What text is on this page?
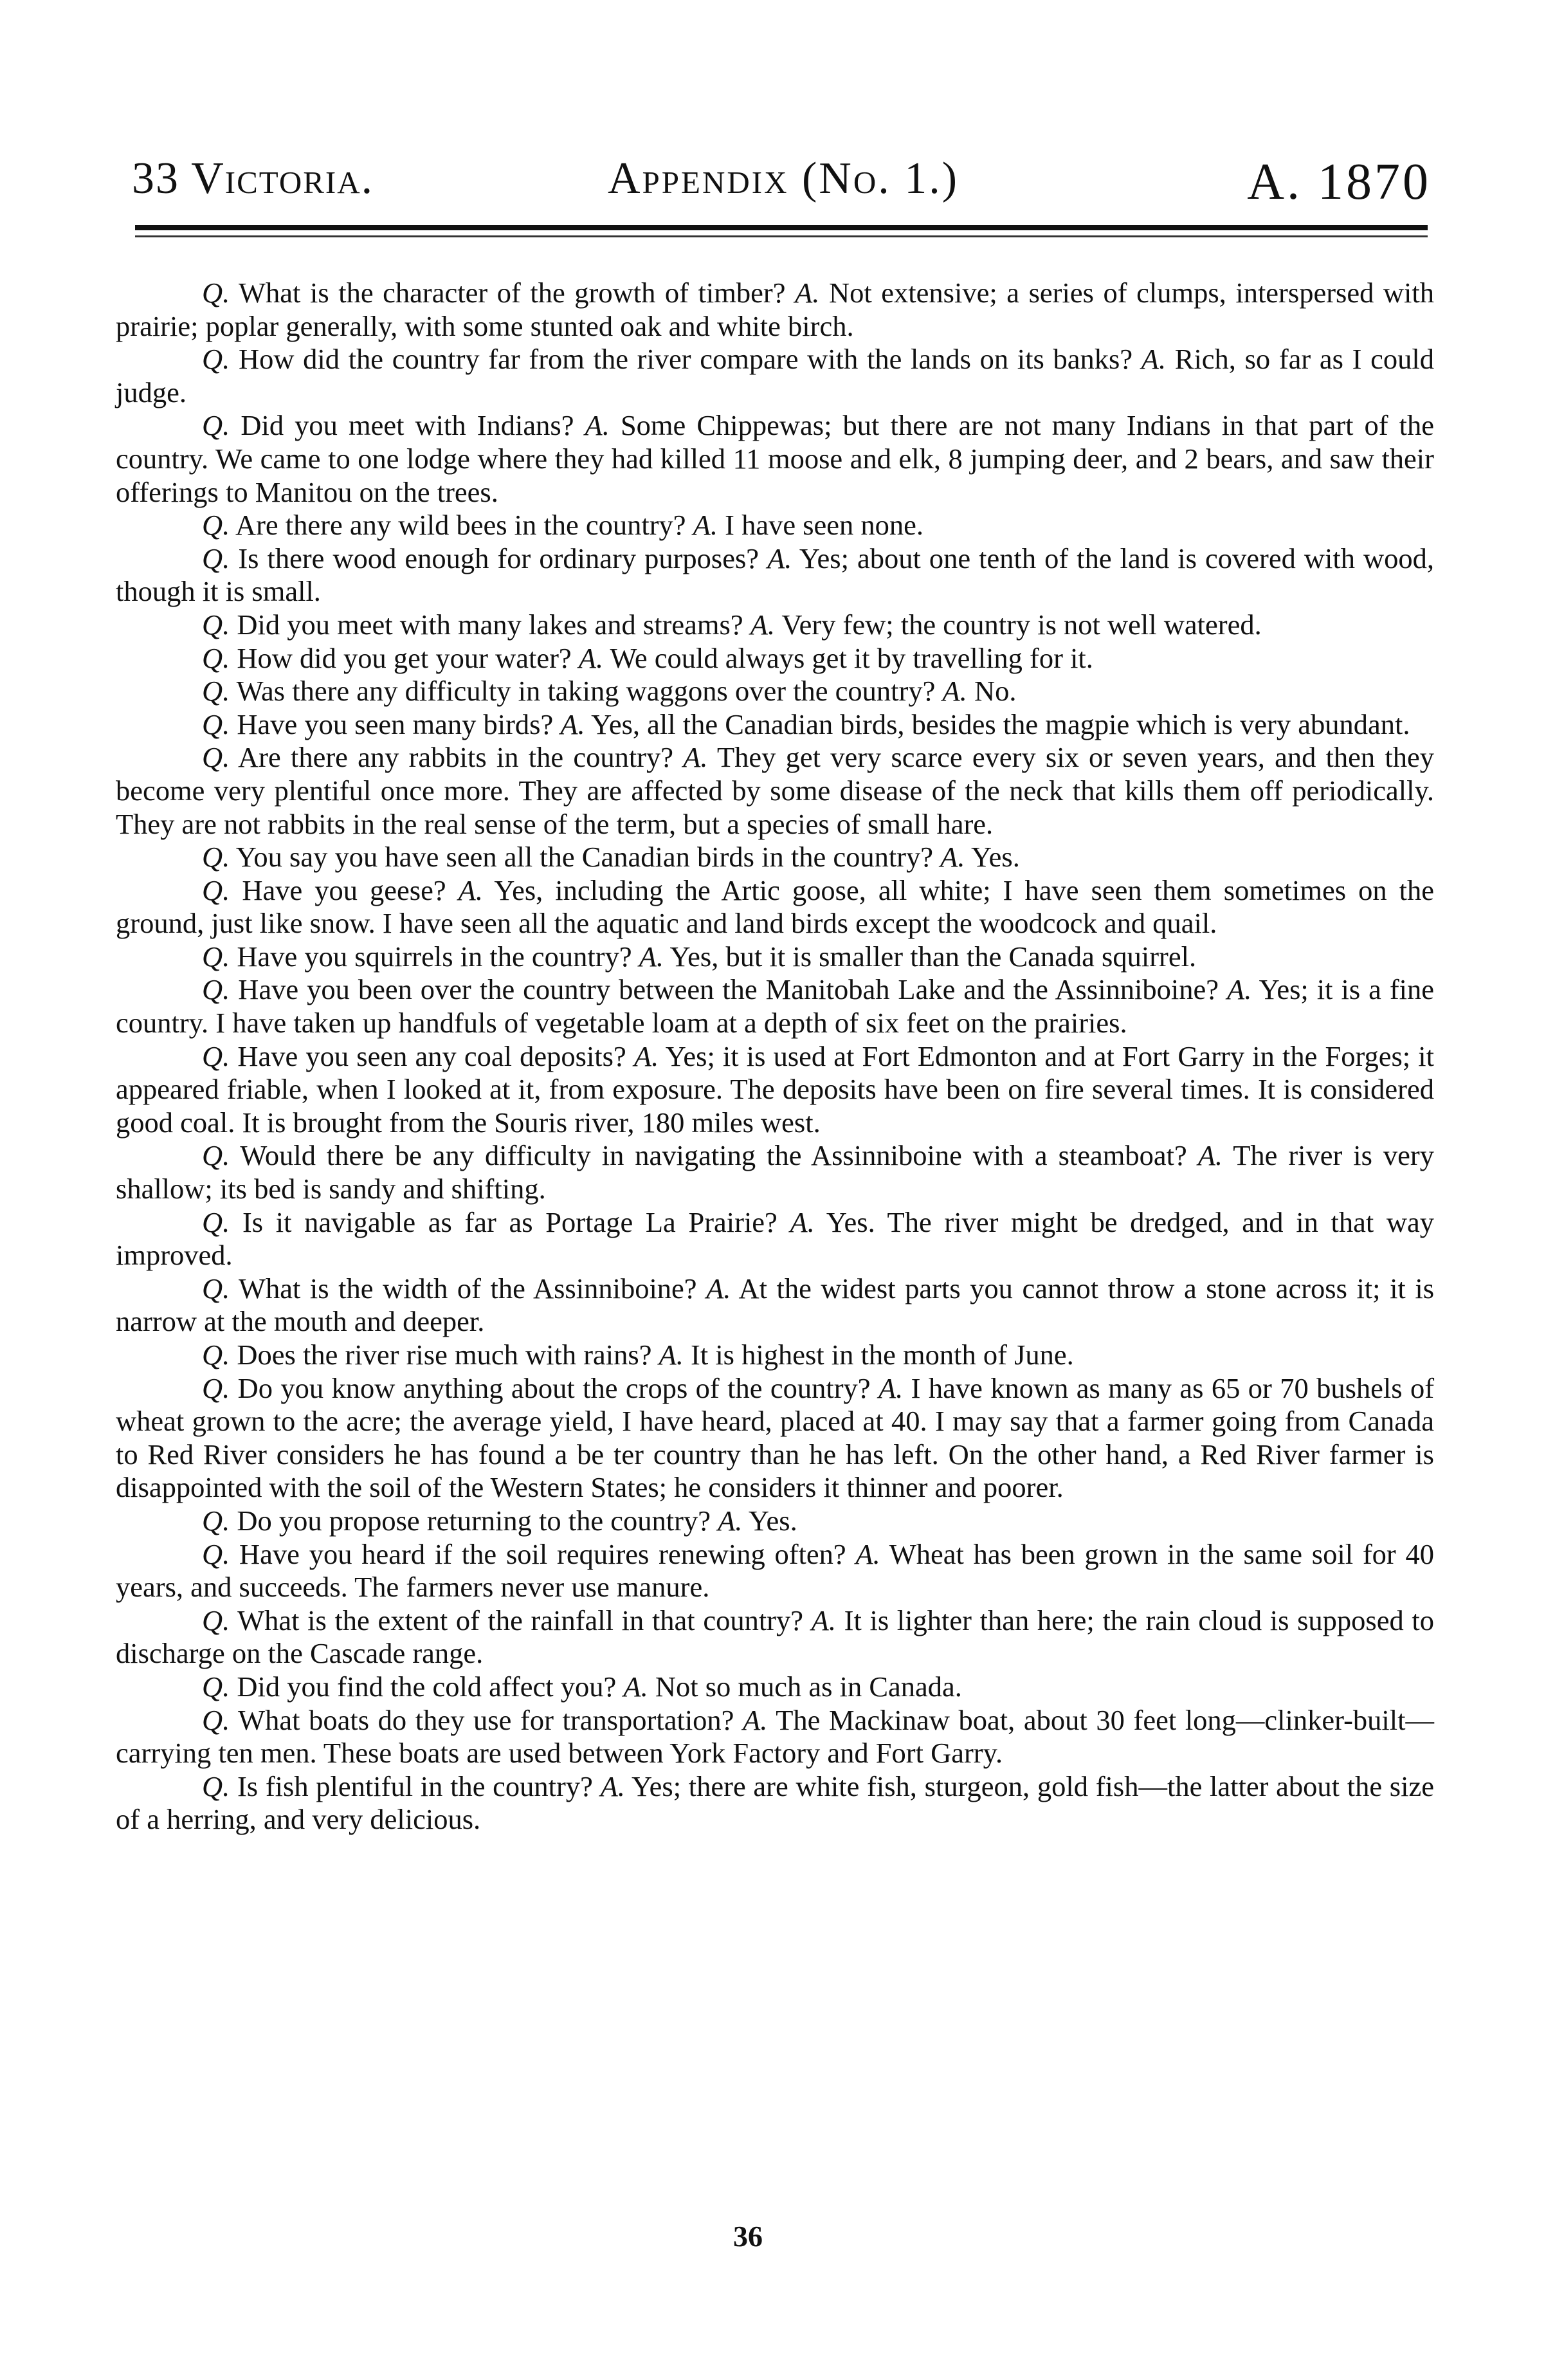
33 Victoria.	Appendix (No. 1.)	A. 1870

Q. What is the character of the growth of timber? A. Not extensive; a series of clumps, interspersed with prairie; poplar generally, with some stunted oak and white birch.

Q. How did the country far from the river compare with the lands on its banks? A. Rich, so far as I could judge.

Q. Did you meet with Indians? A. Some Chippewas; but there are not many Indians in that part of the country. We came to one lodge where they had killed 11 moose and elk, 8 jumping deer, and 2 bears, and saw their offerings to Manitou on the trees.

Q. Are there any wild bees in the country? A. I have seen none.

Q. Is there wood enough for ordinary purposes? A. Yes; about one tenth of the land is covered with wood, though it is small.

Q. Did you meet with many lakes and streams? A. Very few; the country is not well watered.

Q. How did you get your water? A. We could always get it by travelling for it.

Q. Was there any difficulty in taking waggons over the country? A. No.

Q. Have you seen many birds? A. Yes, all the Canadian birds, besides the magpie which is very abundant.

Q. Are there any rabbits in the country? A. They get very scarce every six or seven years, and then they become very plentiful once more. They are affected by some disease of the neck that kills them off periodically. They are not rabbits in the real sense of the term, but a species of small hare.

Q. You say you have seen all the Canadian birds in the country? A. Yes.

Q. Have you geese? A. Yes, including the Artic goose, all white; I have seen them sometimes on the ground, just like snow. I have seen all the aquatic and land birds except the woodcock and quail.

Q. Have you squirrels in the country? A. Yes, but it is smaller than the Canada squirrel.

Q. Have you been over the country between the Manitobah Lake and the Assinniboine? A. Yes; it is a fine country. I have taken up handfuls of vegetable loam at a depth of six feet on the prairies.

Q. Have you seen any coal deposits? A. Yes; it is used at Fort Edmonton and at Fort Garry in the Forges; it appeared friable, when I looked at it, from exposure. The deposits have been on fire several times. It is considered good coal. It is brought from the Souris river, 180 miles west.

Q. Would there be any difficulty in navigating the Assinniboine with a steamboat? A. The river is very shallow; its bed is sandy and shifting.

Q. Is it navigable as far as Portage La Prairie? A. Yes. The river might be dredged, and in that way improved.

Q. What is the width of the Assinniboine? A. At the widest parts you cannot throw a stone across it; it is narrow at the mouth and deeper.

Q. Does the river rise much with rains? A. It is highest in the month of June.

Q. Do you know anything about the crops of the country? A. I have known as many as 65 or 70 bushels of wheat grown to the acre; the average yield, I have heard, placed at 40. I may say that a farmer going from Canada to Red River considers he has found a be ter country than he has left. On the other hand, a Red River farmer is disappointed with the soil of the Western States; he considers it thinner and poorer.

Q. Do you propose returning to the country? A. Yes.

Q. Have you heard if the soil requires renewing often? A. Wheat has been grown in the same soil for 40 years, and succeeds. The farmers never use manure.

Q. What is the extent of the rainfall in that country? A. It is lighter than here; the rain cloud is supposed to discharge on the Cascade range.

Q. Did you find the cold affect you? A. Not so much as in Canada.

Q. What boats do they use for transportation? A. The Mackinaw boat, about 30 feet long—clinker-built—carrying ten men. These boats are used between York Factory and Fort Garry.

Q. Is fish plentiful in the country? A. Yes; there are white fish, sturgeon, gold fish—the latter about the size of a herring, and very delicious.

36
